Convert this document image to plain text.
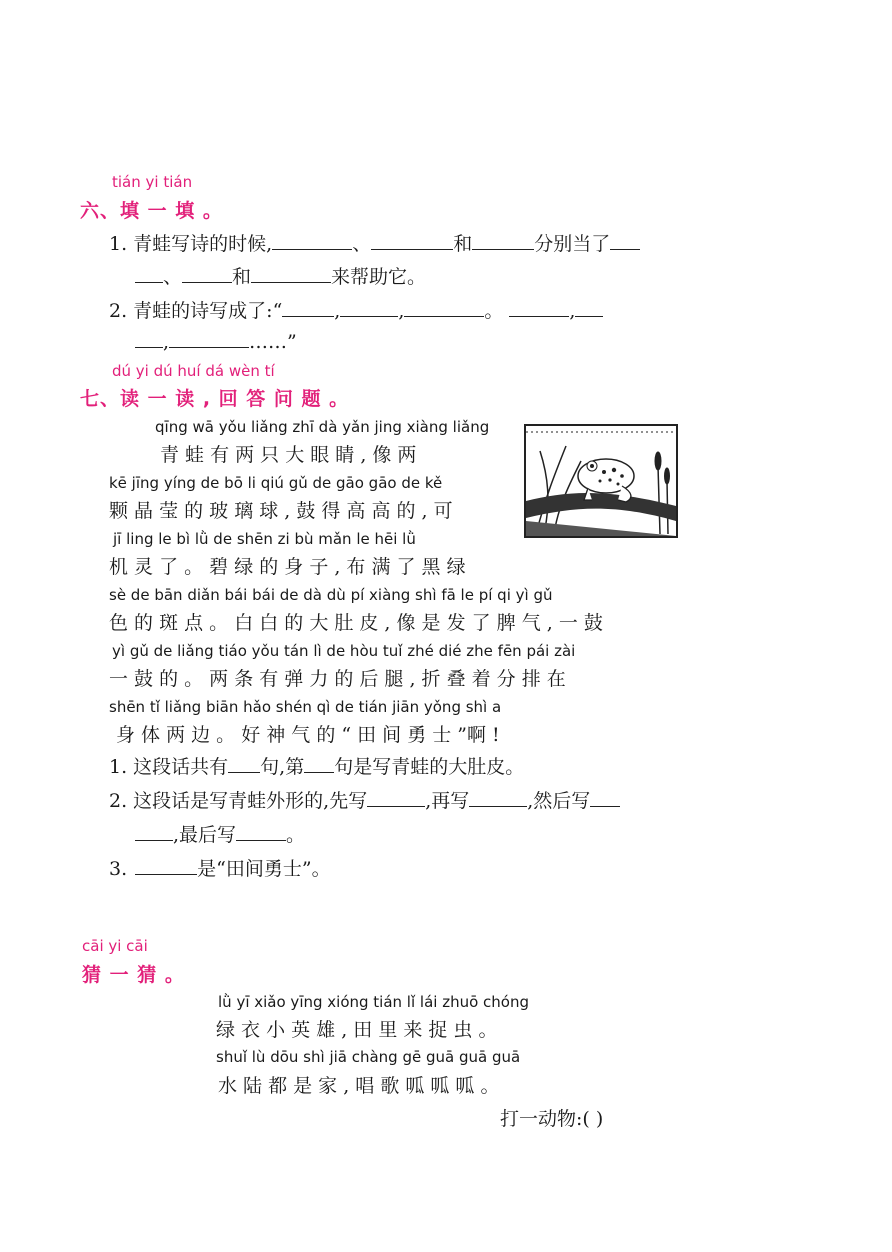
tián yi tián
六、填 一 填 。
1. 青蛙写诗的时候,	、	和	分别当了
、	和	来帮助它。
2. 青蛙的诗写成了:“	,	,	。	,
,	……”
dú yi dú huí dá wèn tí
七、读 一 读 , 回 答 问 题 。
qīng wā yǒu liǎng zhī dà yǎn jing xiàng liǎng
青 蛙 有 两 只 大 眼 睛 , 像 两
kē jīng yíng de bō li qiú gǔ de gāo gāo de kě
颗 晶 莹 的 玻 璃 球 , 鼓 得 高 高 的 , 可
jī ling le bì lǜ de shēn zi bù mǎn le hēi lǜ
机 灵 了 。 碧 绿 的 身 子 , 布 满 了 黑 绿
sè de bān diǎn bái bái de dà dù pí xiàng shì fā le pí qi yì gǔ
色 的 斑 点 。 白 白 的 大 肚 皮 , 像 是 发 了 脾 气 , 一 鼓
yì gǔ de liǎng tiáo yǒu tán lì de hòu tuǐ zhé dié zhe fēn pái zài
一 鼓 的 。 两 条 有 弹 力 的 后 腿 , 折 叠 着 分 排 在
shēn tǐ liǎng biān hǎo shén qì de tián jiān yǒng shì a
身 体 两 边 。 好 神 气 的 “ 田 间 勇 士 ”啊 !
1. 这段话共有 句,第 句是写青蛙的大肚皮。
2. 这段话是写青蛙外形的,先写	,再写	,然后写
,最后写	。
3.	是“田间勇士”。
cāi yi cāi
猜 一 猜 。
lǜ yī xiǎo yīng xióng tián lǐ lái zhuō chóng
绿 衣 小 英 雄 , 田 里 来 捉 虫 。
shuǐ lù dōu shì jiā chàng gē guā guā guā
水 陆 都 是 家 , 唱 歌 呱 呱 呱 。
打一动物:( )
